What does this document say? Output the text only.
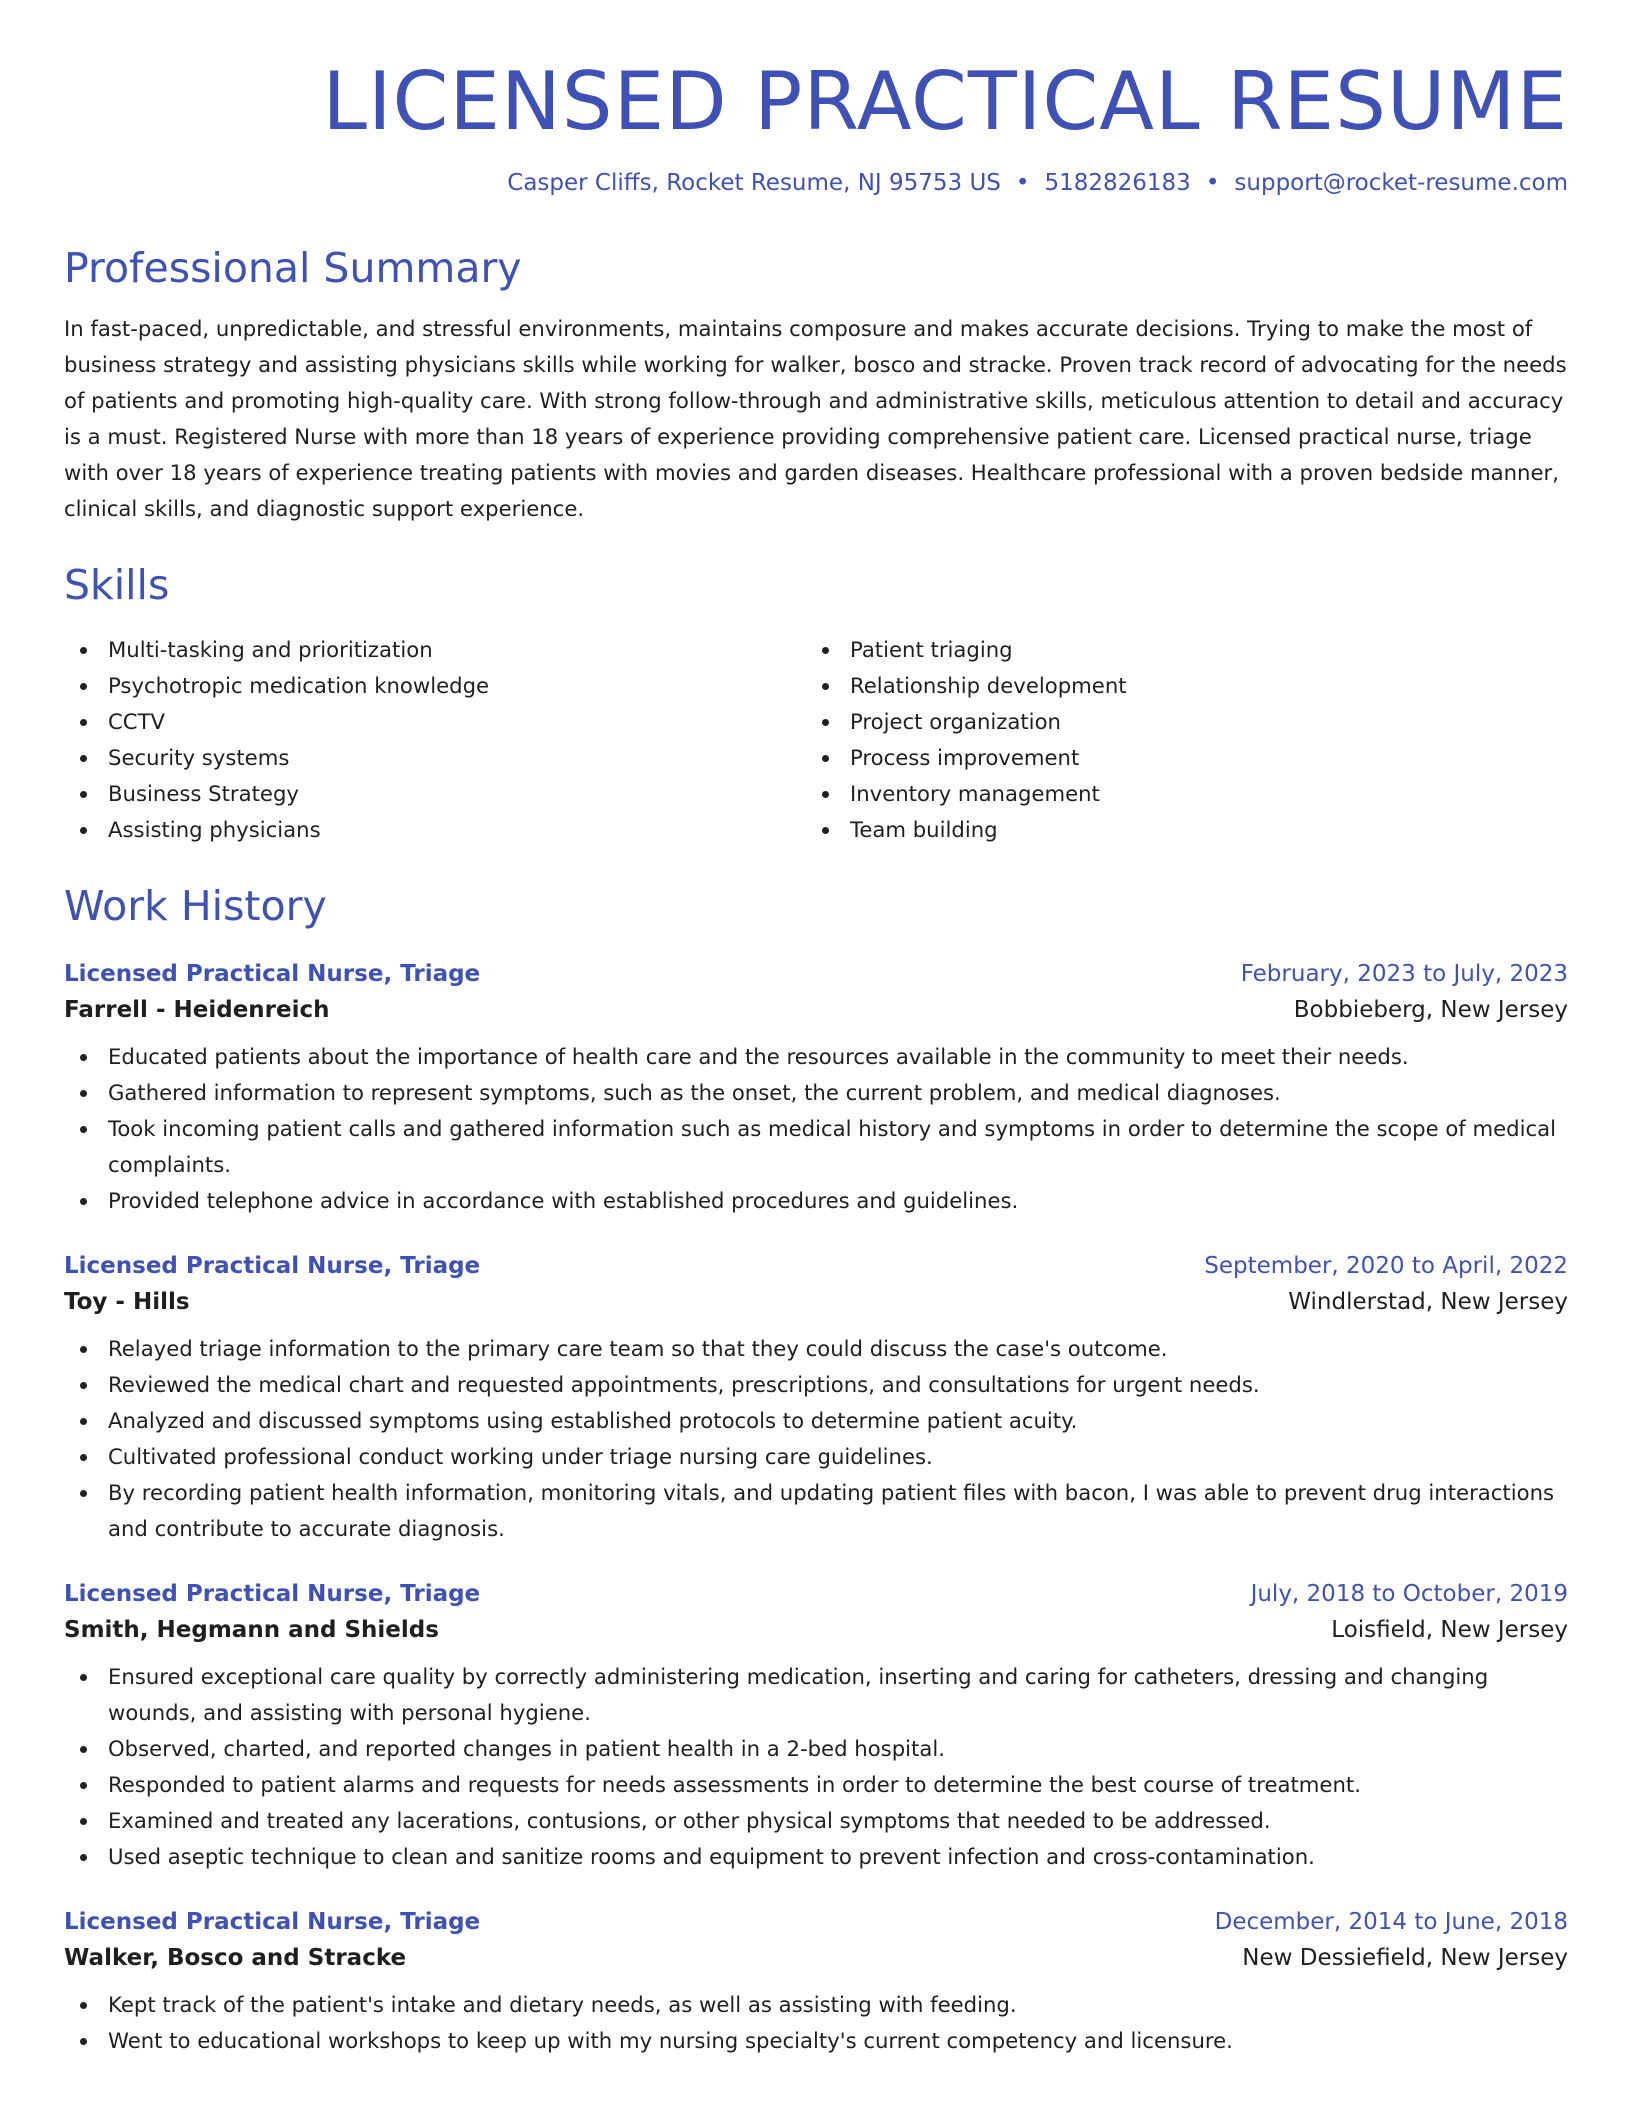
LICENSED PRACTICAL RESUME
Casper Cliffs, Rocket Resume, NJ 95753 US • 5182826183 • support@rocket-resume.com
Professional Summary

In fast-paced, unpredictable, and stressful environments, maintains composure and makes accurate decisions. Trying to make the most of business strategy and assisting physicians skills while working for walker, bosco and stracke. Proven track record of advocating for the needs of patients and promoting high-quality care. With strong follow-through and administrative skills, meticulous attention to detail and accuracy is a must. Registered Nurse with more than 18 years of experience providing comprehensive patient care. Licensed practical nurse, triage with over 18 years of experience treating patients with movies and garden diseases. Healthcare professional with a proven bedside manner, clinical skills, and diagnostic support experience.

Skills
Multi-tasking and prioritization
Psychotropic medication knowledge
CCTV
Security systems
Business Strategy
Assisting physicians
Patient triaging
Relationship development
Project organization
Process improvement
Inventory management
Team building
Work History
Licensed Practical Nurse, Triage	February, 2023 to July, 2023
Farrell - Heidenreich	Bobbieberg, New Jersey
Educated patients about the importance of health care and the resources available in the community to meet their needs.
Gathered information to represent symptoms, such as the onset, the current problem, and medical diagnoses.
Took incoming patient calls and gathered information such as medical history and symptoms in order to determine the scope of medical complaints.
Provided telephone advice in accordance with established procedures and guidelines.
Licensed Practical Nurse, Triage	September, 2020 to April, 2022
Toy - Hills	Windlerstad, New Jersey
Relayed triage information to the primary care team so that they could discuss the case's outcome.
Reviewed the medical chart and requested appointments, prescriptions, and consultations for urgent needs.
Analyzed and discussed symptoms using established protocols to determine patient acuity.
Cultivated professional conduct working under triage nursing care guidelines.
By recording patient health information, monitoring vitals, and updating patient files with bacon, I was able to prevent drug interactions and contribute to accurate diagnosis.
Licensed Practical Nurse, Triage	July, 2018 to October, 2019
Smith, Hegmann and Shields	Loisfield, New Jersey
Ensured exceptional care quality by correctly administering medication, inserting and caring for catheters, dressing and changing wounds, and assisting with personal hygiene.
Observed, charted, and reported changes in patient health in a 2-bed hospital.
Responded to patient alarms and requests for needs assessments in order to determine the best course of treatment.
Examined and treated any lacerations, contusions, or other physical symptoms that needed to be addressed.
Used aseptic technique to clean and sanitize rooms and equipment to prevent infection and cross-contamination.
Licensed Practical Nurse, Triage	December, 2014 to June, 2018
Walker, Bosco and Stracke	New Dessiefield, New Jersey
Kept track of the patient's intake and dietary needs, as well as assisting with feeding.
Went to educational workshops to keep up with my nursing specialty's current competency and licensure.
